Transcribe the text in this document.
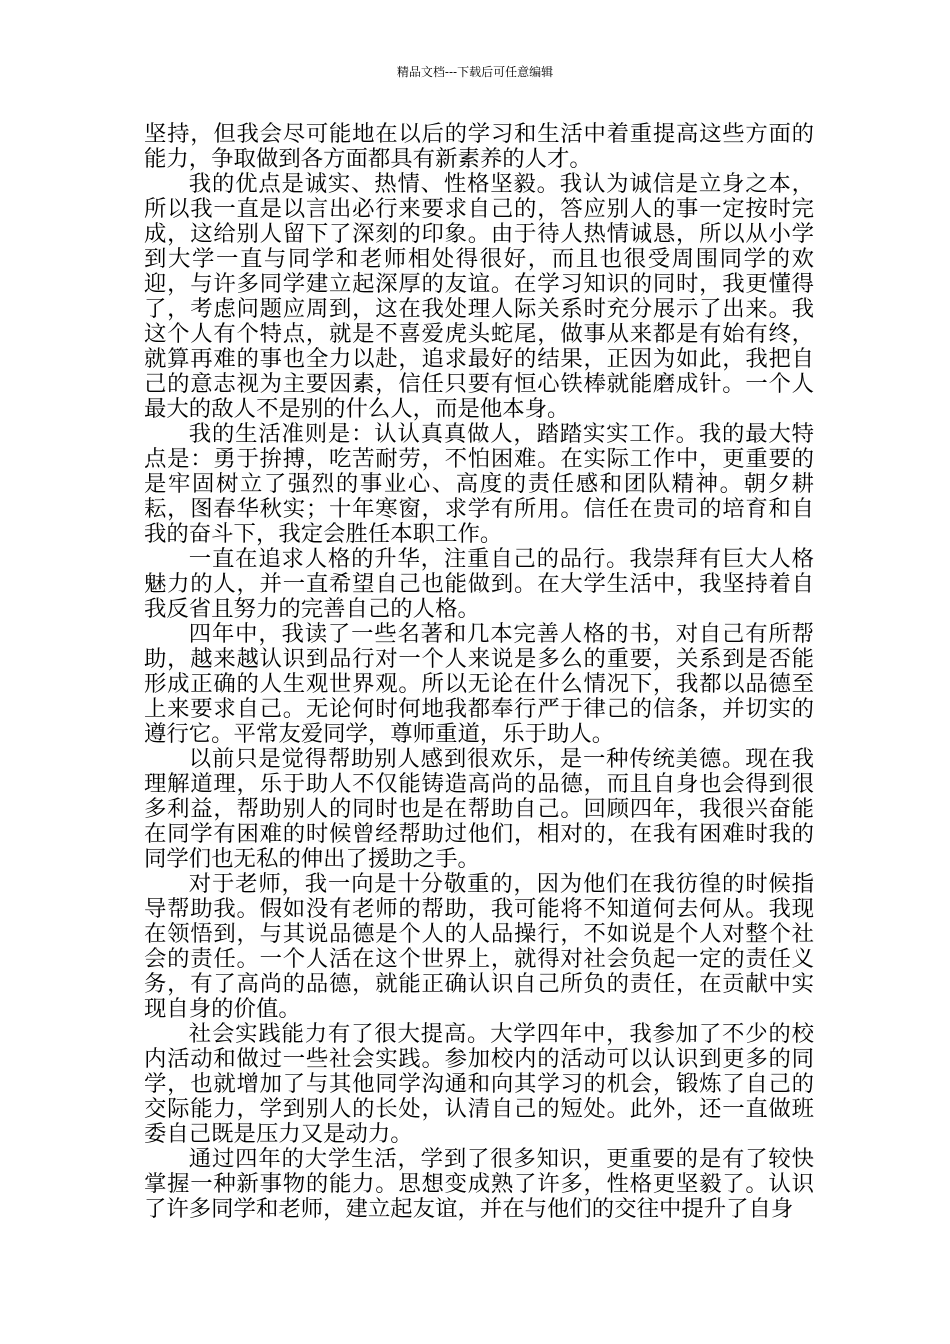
精品文档---下载后可任意编辑

坚持，但我会尽可能地在以后的学习和生活中着重提高这些方面的能力，争取做到各方面都具有新素养的人才。

我的优点是诚实、热情、性格坚毅。我认为诚信是立身之本，所以我一直是以言出必行来要求自己的，答应别人的事一定按时完成，这给别人留下了深刻的印象。由于待人热情诚恳，所以从小学到大学一直与同学和老师相处得很好，而且也很受周围同学的欢迎，与许多同学建立起深厚的友谊。在学习知识的同时，我更懂得了，考虑问题应周到，这在我处理人际关系时充分展示了出来。我这个人有个特点，就是不喜爱虎头蛇尾，做事从来都是有始有终，就算再难的事也全力以赴，追求最好的结果，正因为如此，我把自己的意志视为主要因素，信任只要有恒心铁棒就能磨成针。一个人最大的敌人不是别的什么人，而是他本身。

我的生活准则是：认认真真做人，踏踏实实工作。我的最大特点是：勇于拚搏，吃苦耐劳，不怕困难。在实际工作中，更重要的是牢固树立了强烈的事业心、高度的责任感和团队精神。朝夕耕耘，图春华秋实；十年寒窗，求学有所用。信任在贵司的培育和自我的奋斗下，我定会胜任本职工作。

一直在追求人格的升华，注重自己的品行。我崇拜有巨大人格魅力的人，并一直希望自己也能做到。在大学生活中，我坚持着自我反省且努力的完善自己的人格。

四年中，我读了一些名著和几本完善人格的书，对自己有所帮助，越来越认识到品行对一个人来说是多么的重要，关系到是否能形成正确的人生观世界观。所以无论在什么情况下，我都以品德至上来要求自己。无论何时何地我都奉行严于律己的信条，并切实的遵行它。平常友爱同学，尊师重道，乐于助人。

以前只是觉得帮助别人感到很欢乐，是一种传统美德。现在我理解道理，乐于助人不仅能铸造高尚的品德，而且自身也会得到很多利益，帮助别人的同时也是在帮助自己。回顾四年，我很兴奋能在同学有困难的时候曾经帮助过他们，相对的，在我有困难时我的同学们也无私的伸出了援助之手。

对于老师，我一向是十分敬重的，因为他们在我彷徨的时候指导帮助我。假如没有老师的帮助，我可能将不知道何去何从。我现在领悟到，与其说品德是个人的人品操行，不如说是个人对整个社会的责任。一个人活在这个世界上，就得对社会负起一定的责任义务，有了高尚的品德，就能正确认识自己所负的责任，在贡献中实现自身的价值。

社会实践能力有了很大提高。大学四年中，我参加了不少的校内活动和做过一些社会实践。参加校内的活动可以认识到更多的同学，也就增加了与其他同学沟通和向其学习的机会，锻炼了自己的交际能力，学到别人的长处，认清自己的短处。此外，还一直做班委自己既是压力又是动力。

通过四年的大学生活，学到了很多知识，更重要的是有了较快掌握一种新事物的能力。思想变成熟了许多，性格更坚毅了。认识了许多同学和老师，建立起友谊，并在与他们的交往中提升了自身
